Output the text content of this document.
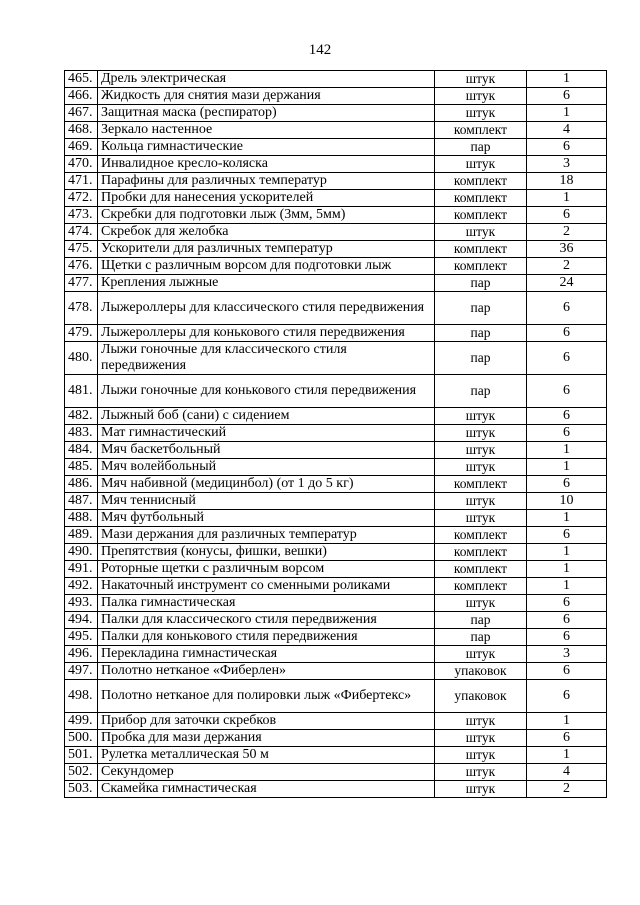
142
465.	Дрель электрическая	штук	1
466.	Жидкость для снятия мази держания	штук	6
467.	Защитная маска (респиратор)	штук	1
468.	Зеркало настенное	комплект	4
469.	Кольца гимнастические	пар	6
470.	Инвалидное кресло-коляска	штук	3
471.	Парафины для различных температур	комплект	18
472.	Пробки для нанесения ускорителей	комплект	1
473.	Скребки для подготовки лыж (3мм, 5мм)	комплект	6
474.	Скребок для желобка	штук	2
475.	Ускорители для различных температур	комплект	36
476.	Щетки с различным ворсом для подготовки лыж	комплект	2
477.	Крепления лыжные	пар	24
478.	Лыжероллеры для классического стиля передвижения	пар	6
479.	Лыжероллеры для конькового стиля передвижения	пар	6
480.	Лыжи гоночные для классического стиля передвижения	пар	6
481.	Лыжи гоночные для конькового стиля передвижения	пар	6
482.	Лыжный боб (сани) с сидением	штук	6
483.	Мат гимнастический	штук	6
484.	Мяч баскетбольный	штук	1
485.	Мяч волейбольный	штук	1
486.	Мяч набивной (медицинбол) (от 1 до 5 кг)	комплект	6
487.	Мяч теннисный	штук	10
488.	Мяч футбольный	штук	1
489.	Мази держания для различных температур	комплект	6
490.	Препятствия (конусы, фишки, вешки)	комплект	1
491.	Роторные щетки с различным ворсом	комплект	1
492.	Накаточный инструмент со сменными роликами	комплект	1
493.	Палка гимнастическая	штук	6
494.	Палки для классического стиля передвижения	пар	6
495.	Палки для конькового стиля передвижения	пар	6
496.	Перекладина гимнастическая	штук	3
497.	Полотно нетканое «Фиберлен»	упаковок	6
498.	Полотно нетканое для полировки лыж «Фибертекс»	упаковок	6
499.	Прибор для заточки скребков	штук	1
500.	Пробка для мази держания	штук	6
501.	Рулетка металлическая 50 м	штук	1
502.	Секундомер	штук	4
503.	Скамейка гимнастическая	штук	2
